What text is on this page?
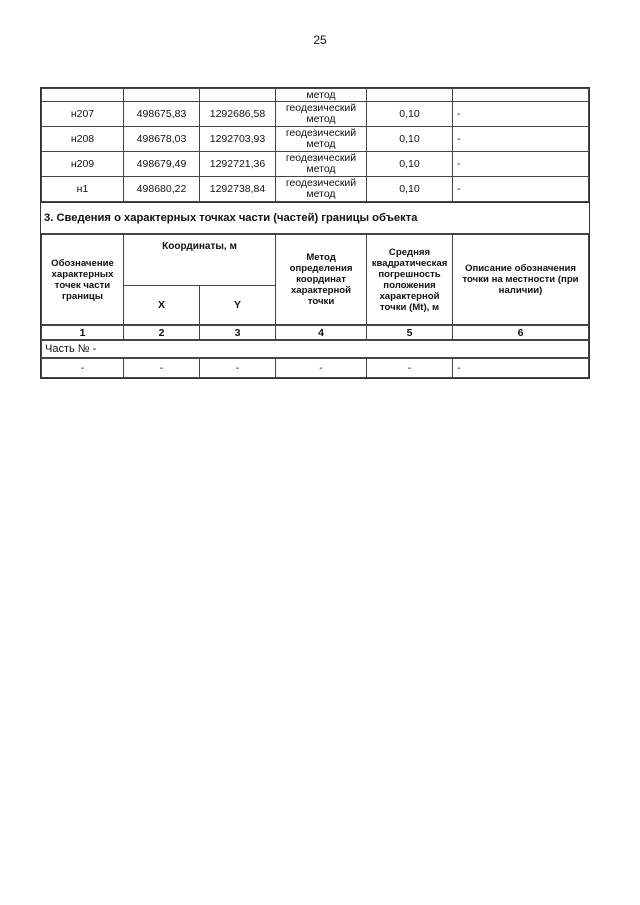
25
			метод		
н207	498675,83	1292686,58	геодезический
метод	0,10	-
н208	498678,03	1292703,93	геодезический
метод	0,10	-
н209	498679,49	1292721,36	геодезический
метод	0,10	-
н1	498680,22	1292738,84	геодезический
метод	0,10	-
3. Сведения о характерных точках части (частей) границы объекта
Обозначение характерных точек части границы	Координаты, м		Метод определения координат характерной точки	Средняя квадратическая погрешность положения характерной точки (Mt), м	Описание обозначения точки на местности (при наличии)
	X	Y			
1	2	3	4	5	6
Часть № -
-	-	-	-	-	-
